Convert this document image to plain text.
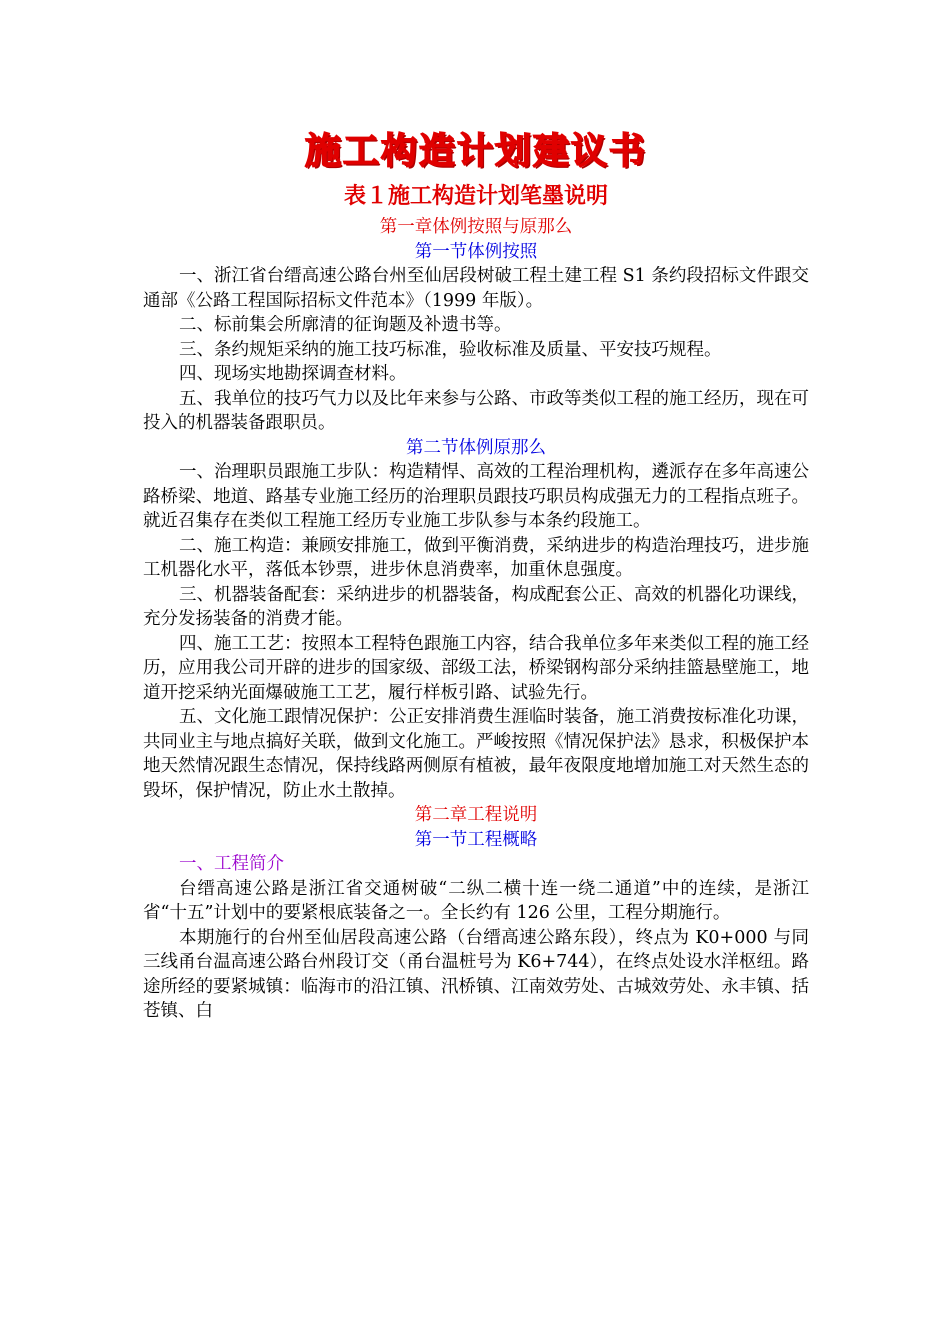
施工构造计划建议书
表１施工构造计划笔墨说明
第一章体例按照与原那么
第一节体例按照

一、浙江省台缙高速公路台州至仙居段树破工程土建工程 S1 条约段招标文件跟交通部《公路工程国际招标文件范本》（1999 年版）。

二、标前集会所廓清的征询题及补遗书等。

三、条约规矩采纳的施工技巧标准，验收标准及质量、平安技巧规程。

四、现场实地勘探调查材料。

五、我单位的技巧气力以及比年来参与公路、市政等类似工程的施工经历，现在可投入的机器装备跟职员。

第二节体例原那么

一、治理职员跟施工步队：构造精悍、高效的工程治理机构，遴派存在多年高速公路桥梁、地道、路基专业施工经历的治理职员跟技巧职员构成强无力的工程指点班子。就近召集存在类似工程施工经历专业施工步队参与本条约段施工。

二、施工构造：兼顾安排施工，做到平衡消费，采纳进步的构造治理技巧，进步施工机器化水平，落低本钞票，进步休息消费率，加重休息强度。

三、机器装备配套：采纳进步的机器装备，构成配套公正、高效的机器化功课线，充分发扬装备的消费才能。

四、施工工艺：按照本工程特色跟施工内容，结合我单位多年来类似工程的施工经历，应用我公司开辟的进步的国家级、部级工法，桥梁钢构部分采纳挂篮悬壁施工，地道开挖采纳光面爆破施工工艺，履行样板引路、试验先行。

五、文化施工跟情况保护：公正安排消费生涯临时装备，施工消费按标准化功课，共同业主与地点搞好关联，做到文化施工。严峻按照《情况保护法》恳求，积极保护本地天然情况跟生态情况，保持线路两侧原有植被，最年夜限度地增加施工对天然生态的毁坏，保护情况，防止水土散掉。

第二章工程说明
第一节工程概略
一、工程简介

台缙高速公路是浙江省交通树破“二纵二横十连一绕二通道”中的连续，是浙江省“十五”计划中的要紧根底装备之一。全长约有 126 公里，工程分期施行。

本期施行的台州至仙居段高速公路（台缙高速公路东段），终点为 K0+000 与同三线甬台温高速公路台州段订交（甬台温桩号为 K6+744），在终点处设水洋枢纽。路途所经的要紧城镇：临海市的沿江镇、汛桥镇、江南效劳处、古城效劳处、永丰镇、括苍镇、白
